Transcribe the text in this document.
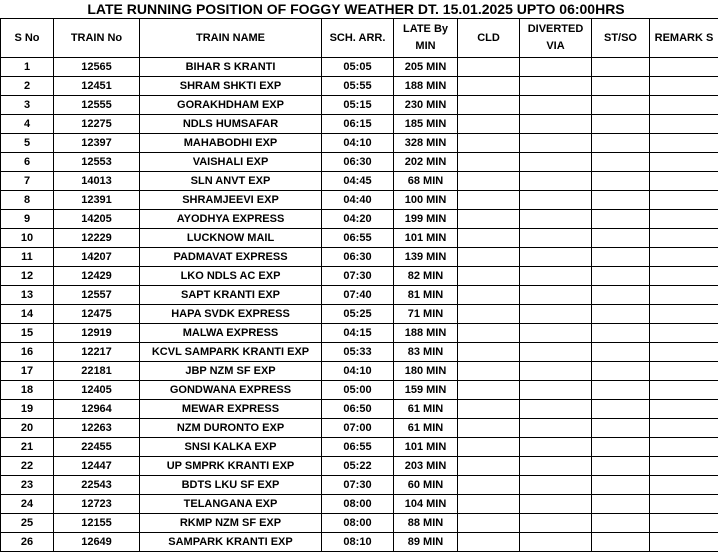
LATE RUNNING POSITION OF FOGGY WEATHER DT. 15.01.2025 UPTO 06:00HRS
S No	TRAIN No	TRAIN NAME	SCH. ARR.	LATE By MIN	CLD	DIVERTED VIA	ST/SO	REMARK S
1	12565	BIHAR S KRANTI	05:05	205 MIN				
2	12451	SHRAM SHKTI EXP	05:55	188 MIN				
3	12555	GORAKHDHAM EXP	05:15	230 MIN				
4	12275	NDLS HUMSAFAR	06:15	185 MIN				
5	12397	MAHABODHI EXP	04:10	328 MIN				
6	12553	VAISHALI EXP	06:30	202 MIN				
7	14013	SLN ANVT EXP	04:45	68 MIN				
8	12391	SHRAMJEEVI EXP	04:40	100 MIN				
9	14205	AYODHYA EXPRESS	04:20	199 MIN				
10	12229	LUCKNOW MAIL	06:55	101 MIN				
11	14207	PADMAVAT EXPRESS	06:30	139 MIN				
12	12429	LKO NDLS AC EXP	07:30	82 MIN				
13	12557	SAPT KRANTI EXP	07:40	81 MIN				
14	12475	HAPA SVDK EXPRESS	05:25	71 MIN				
15	12919	MALWA EXPRESS	04:15	188 MIN				
16	12217	KCVL SAMPARK KRANTI EXP	05:33	83 MIN				
17	22181	JBP NZM SF EXP	04:10	180 MIN				
18	12405	GONDWANA EXPRESS	05:00	159 MIN				
19	12964	MEWAR EXPRESS	06:50	61 MIN				
20	12263	NZM DURONTO EXP	07:00	61 MIN				
21	22455	SNSI KALKA EXP	06:55	101 MIN				
22	12447	UP SMPRK KRANTI EXP	05:22	203 MIN				
23	22543	BDTS LKU SF EXP	07:30	60 MIN				
24	12723	TELANGANA EXP	08:00	104 MIN				
25	12155	RKMP NZM SF EXP	08:00	88 MIN				
26	12649	SAMPARK KRANTI EXP	08:10	89 MIN				
